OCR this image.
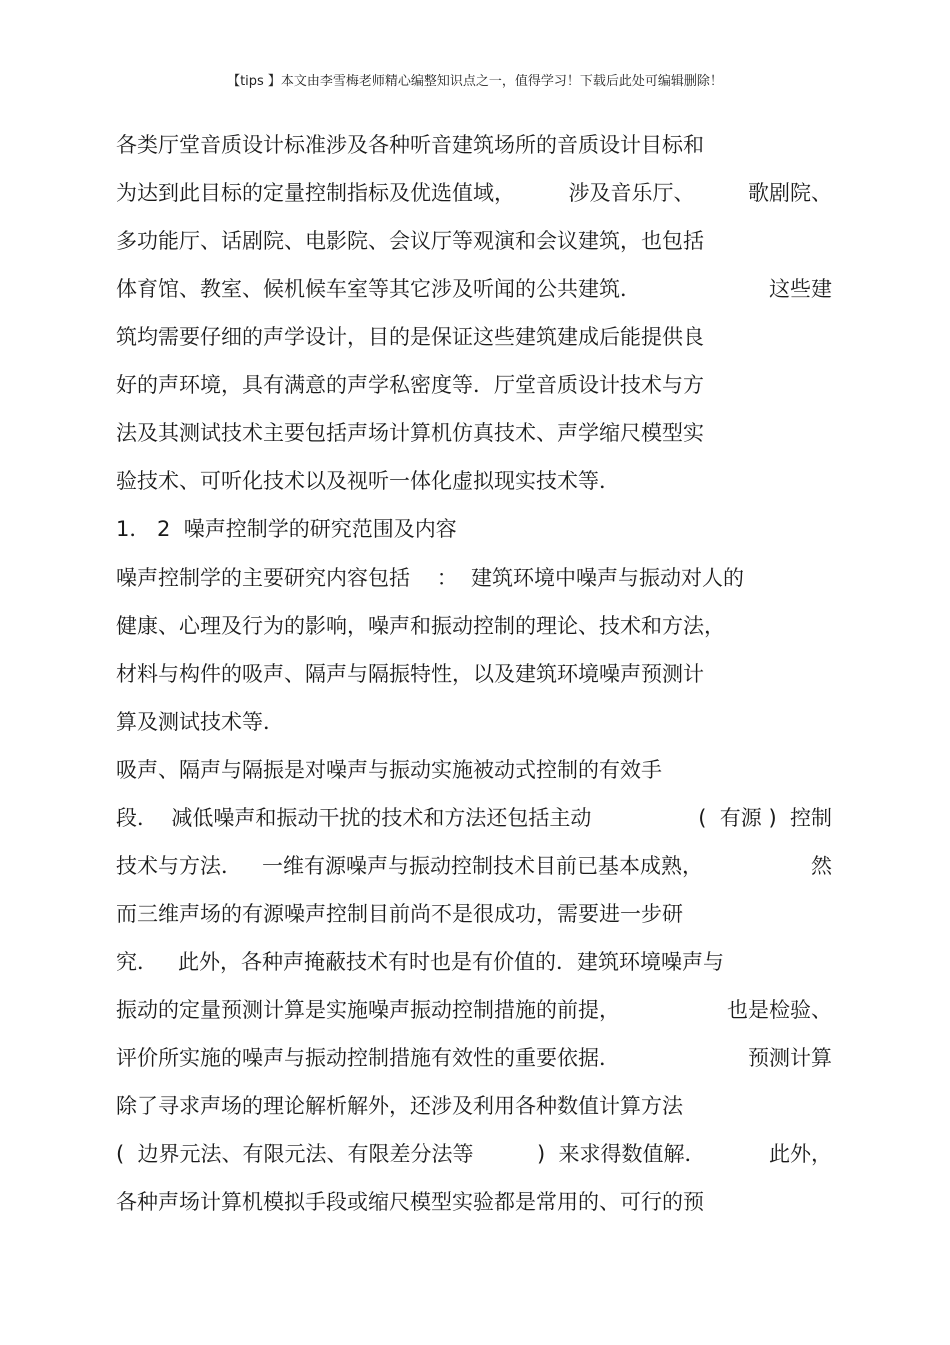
【tips 】本文由李雪梅老师精心编整知识点之一，值得学习！下载后此处可编辑删除！
各类厅堂音质设计标准涉及各种听音建筑场所的音质设计目标和
为达到此目标的定量控制指标及优选值域，	涉及音乐厅、	歌剧院、
多功能厅、话剧院、电影院、会议厅等观演和会议建筑，也包括
体育馆、教室、候机候车室等其它涉及听闻的公共建筑．	这些建
筑均需要仔细的声学设计，目的是保证这些建筑建成后能提供良
好的声环境，具有满意的声学私密度等．厅堂音质设计技术与方
法及其测试技术主要包括声场计算机仿真技术、声学缩尺模型实
验技术、可听化技术以及视听一体化虚拟现实技术等．
1． 2  噪声控制学的研究范围及内容
噪声控制学的主要研究内容包括    ：  建筑环境中噪声与振动对人的
健康、心理及行为的影响，噪声和振动控制的理论、技术和方法，
材料与构件的吸声、隔声与隔振特性，以及建筑环境噪声预测计
算及测试技术等．
吸声、隔声与隔振是对噪声与振动实施被动式控制的有效手
段．  减低噪声和振动干扰的技术和方法还包括主动	(  有源 )  控制
技术与方法．   一维有源噪声与振动控制技术目前已基本成熟，	然
而三维声场的有源噪声控制目前尚不是很成功，需要进一步研
究．   此外，各种声掩蔽技术有时也是有价值的．建筑环境噪声与
振动的定量预测计算是实施噪声振动控制措施的前提，	也是检验、
评价所实施的噪声与振动控制措施有效性的重要依据．	预测计算
除了寻求声场的理论解析解外，还涉及利用各种数值计算方法
(  边界元法、有限元法、有限差分法等	)  来求得数值解．	此外，
各种声场计算机模拟手段或缩尺模型实验都是常用的、可行的预
